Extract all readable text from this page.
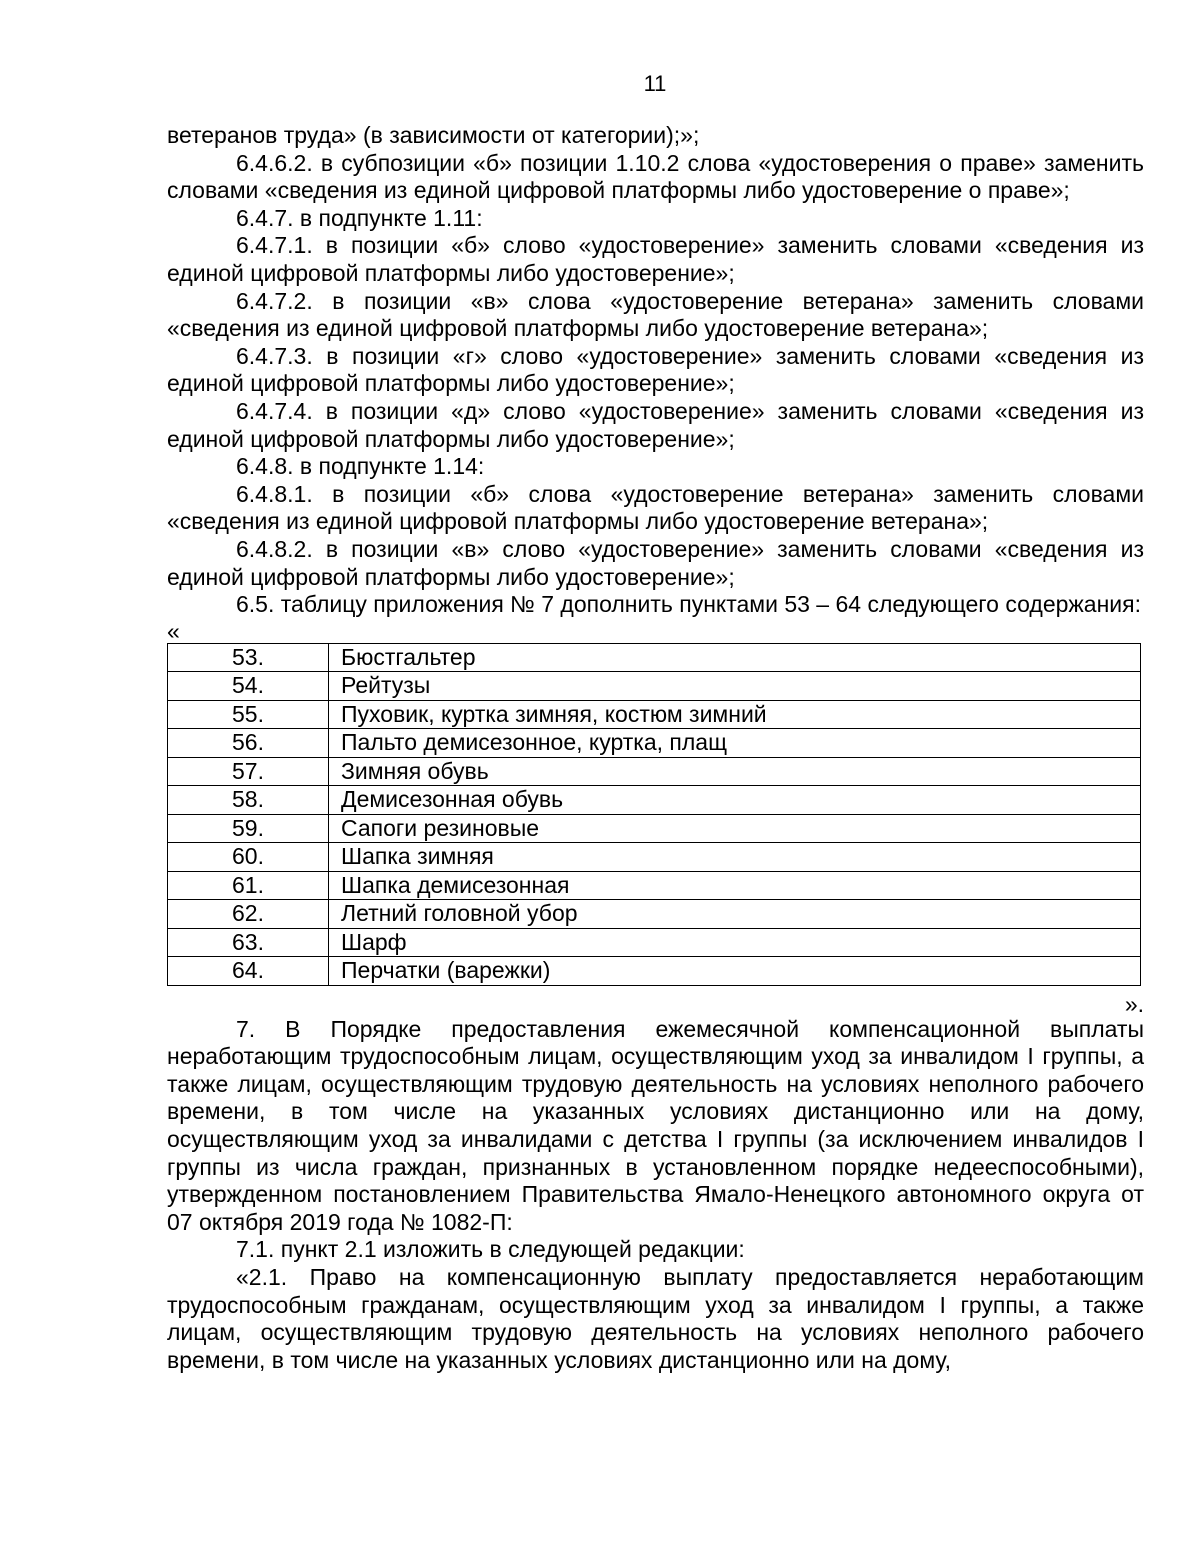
11

ветеранов труда» (в зависимости от категории);»;

6.4.6.2. в субпозиции «б» позиции 1.10.2 слова «удостоверения о праве» заменить словами «сведения из единой цифровой платформы либо удостоверение о праве»;

6.4.7. в подпункте 1.11:

6.4.7.1. в позиции «б» слово «удостоверение» заменить словами «сведения из единой цифровой платформы либо удостоверение»;

6.4.7.2. в позиции «в» слова «удостоверение ветерана» заменить словами «сведения из единой цифровой платформы либо удостоверение ветерана»;

6.4.7.3. в позиции «г» слово «удостоверение» заменить словами «сведения из единой цифровой платформы либо удостоверение»;

6.4.7.4. в позиции «д» слово «удостоверение» заменить словами «сведения из единой цифровой платформы либо удостоверение»;

6.4.8. в подпункте 1.14:

6.4.8.1. в позиции «б» слова «удостоверение ветерана» заменить словами «сведения из единой цифровой платформы либо удостоверение ветерана»;

6.4.8.2. в позиции «в» слово «удостоверение» заменить словами «сведения из единой цифровой платформы либо удостоверение»;

6.5. таблицу приложения № 7 дополнить пунктами 53 – 64 следующего содержания:

«

53.	Бюстгальтер
54.	Рейтузы
55.	Пуховик, куртка зимняя, костюм зимний
56.	Пальто демисезонное, куртка, плащ
57.	Зимняя обувь
58.	Демисезонная обувь
59.	Сапоги резиновые
60.	Шапка зимняя
61.	Шапка демисезонная
62.	Летний головной убор
63.	Шарф
64.	Перчатки (варежки)

».

7. В Порядке предоставления ежемесячной компенсационной выплаты неработающим трудоспособным лицам, осуществляющим уход за инвалидом I группы, а также лицам, осуществляющим трудовую деятельность на условиях неполного рабочего времени, в том числе на указанных условиях дистанционно или на дому, осуществляющим уход за инвалидами с детства I группы (за исключением инвалидов I группы из числа граждан, признанных в установленном порядке недееспособными), утвержденном постановлением Правительства Ямало-Ненецкого автономного округа от 07 октября 2019 года № 1082-П:

7.1. пункт 2.1 изложить в следующей редакции:

«2.1. Право на компенсационную выплату предоставляется неработающим трудоспособным гражданам, осуществляющим уход за инвалидом I группы, а также лицам, осуществляющим трудовую деятельность на условиях неполного рабочего времени, в том числе на указанных условиях дистанционно или на дому,
